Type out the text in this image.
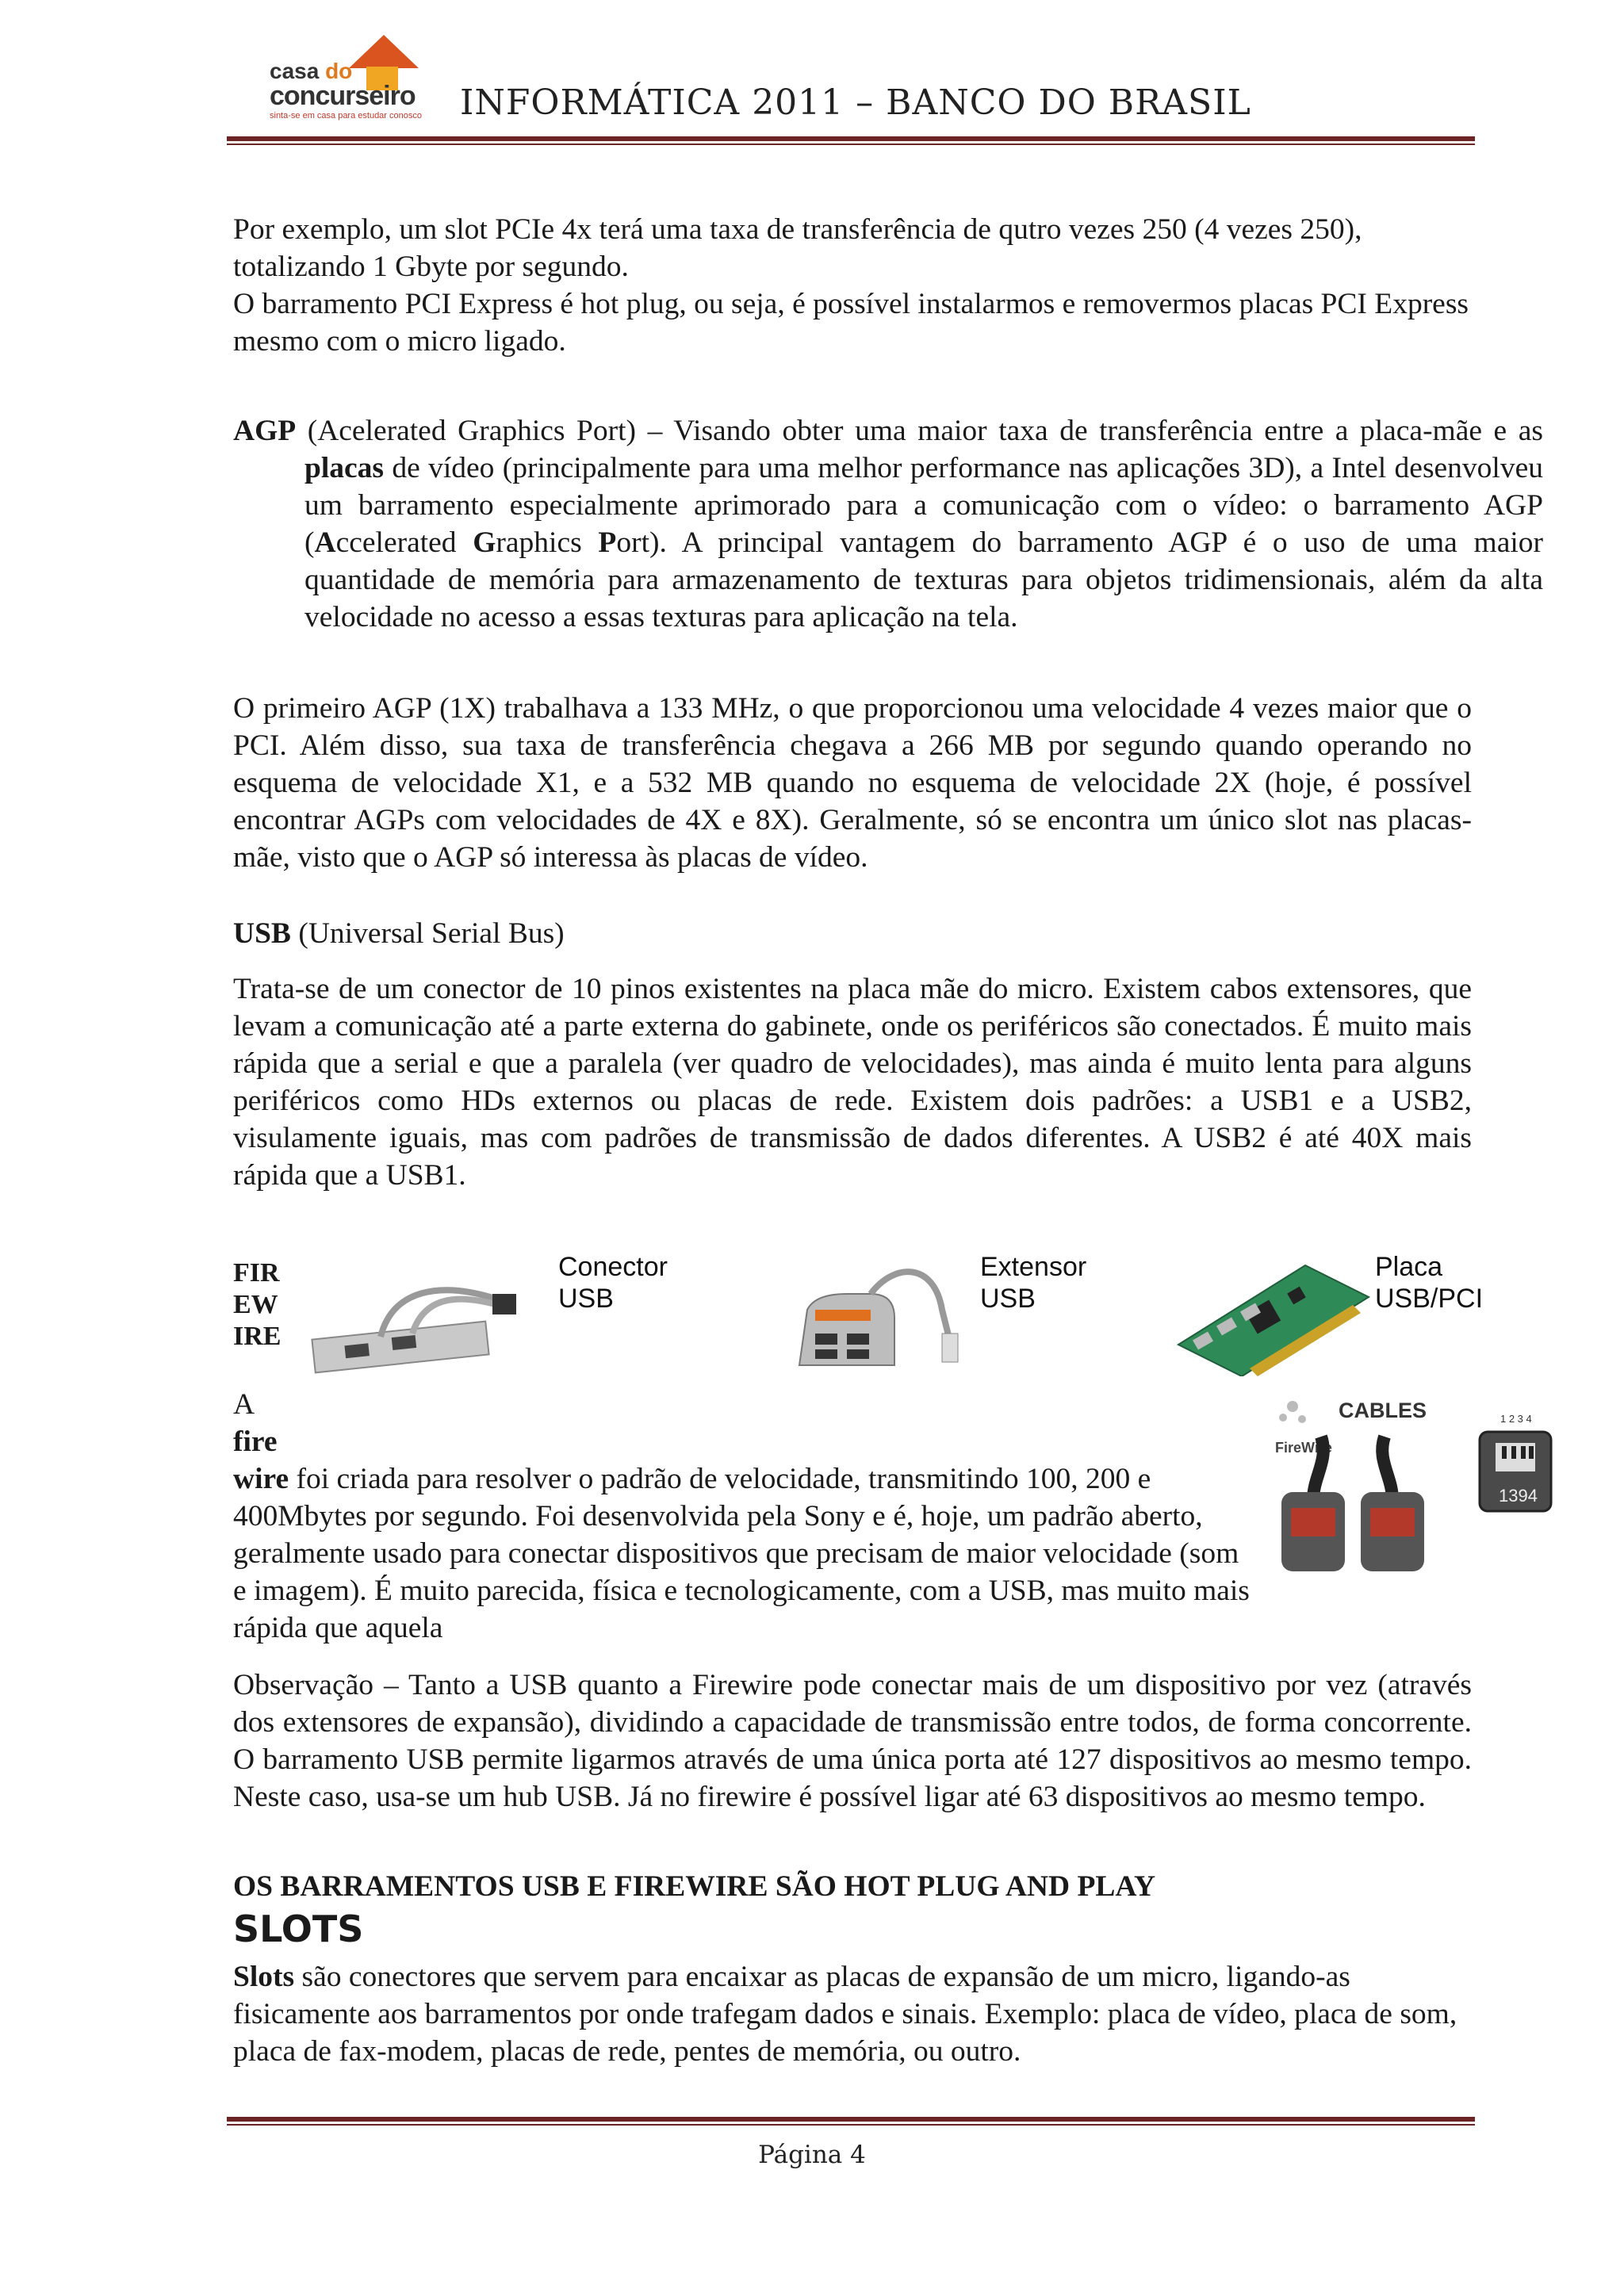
casa do
concurseiro
sinta-se em casa para estudar conosco INFORMÁTICA 2011 – BANCO DO BRASIL
Por exemplo, um slot PCIe 4x terá uma taxa de transferência de qutro vezes 250 (4 vezes 250), totalizando 1 Gbyte por segundo.
O barramento PCI Express é hot plug, ou seja, é possível instalarmos e removermos placas PCI Express mesmo com o micro ligado.
AGP (Acelerated Graphics Port) – Visando obter uma maior taxa de transferência entre a placa-mãe e as placas de vídeo (principalmente para uma melhor performance nas aplicações 3D), a Intel desenvolveu um barramento especialmente aprimorado para a comunicação com o vídeo: o barramento AGP (Accelerated Graphics Port). A principal vantagem do barramento AGP é o uso de uma maior quantidade de memória para armazenamento de texturas para objetos tridimensionais, além da alta velocidade no acesso a essas texturas para aplicação na tela.
O primeiro AGP (1X) trabalhava a 133 MHz, o que proporcionou uma velocidade 4 vezes maior que o PCI. Além disso, sua taxa de transferência chegava a 266 MB por segundo quando operando no esquema de velocidade X1, e a 532 MB quando no esquema de velocidade 2X (hoje, é possível encontrar AGPs com velocidades de 4X e 8X). Geralmente, só se encontra um único slot nas placas-mãe, visto que o AGP só interessa às placas de vídeo.
USB (Universal Serial Bus)
Trata-se de um conector de 10 pinos existentes na placa mãe do micro. Existem cabos extensores, que levam a comunicação até a parte externa do gabinete, onde os periféricos são conectados. É muito mais rápida que a serial e que a paralela (ver quadro de velocidades), mas ainda é muito lenta para alguns periféricos como HDs externos ou placas de rede. Existem dois padrões: a USB1 e a USB2, visulamente iguais, mas com padrões de transmissão de dados diferentes. A USB2 é até 40X mais rápida que a USB1.
FIR
EW
IRE
Conector
USB
Extensor
USB
Placa
USB/PCI
A
fire
wire foi criada para resolver o padrão de velocidade, transmitindo 100, 200 e 400Mbytes por segundo. Foi desenvolvida pela Sony e é, hoje, um padrão aberto, geralmente usado para conectar dispositivos que precisam de maior velocidade (som e imagem). É muito parecida, física e tecnologicamente, com a USB, mas muito mais rápida que aquela
FireWire
CABLES	1 2 3 4
1394
Observação – Tanto a USB quanto a Firewire pode conectar mais de um dispositivo por vez (através dos extensores de expansão), dividindo a capacidade de transmissão entre todos, de forma concorrente. O barramento USB permite ligarmos através de uma única porta até 127 dispositivos ao mesmo tempo. Neste caso, usa-se um hub USB. Já no firewire é possível ligar até 63 dispositivos ao mesmo tempo.
OS BARRAMENTOS USB E FIREWIRE SÃO HOT PLUG AND PLAY
SLOTS
Slots são conectores que servem para encaixar as placas de expansão de um micro, ligando-as fisicamente aos barramentos por onde trafegam dados e sinais. Exemplo: placa de vídeo, placa de som, placa de fax-modem, placas de rede, pentes de memória, ou outro.
Página 4
